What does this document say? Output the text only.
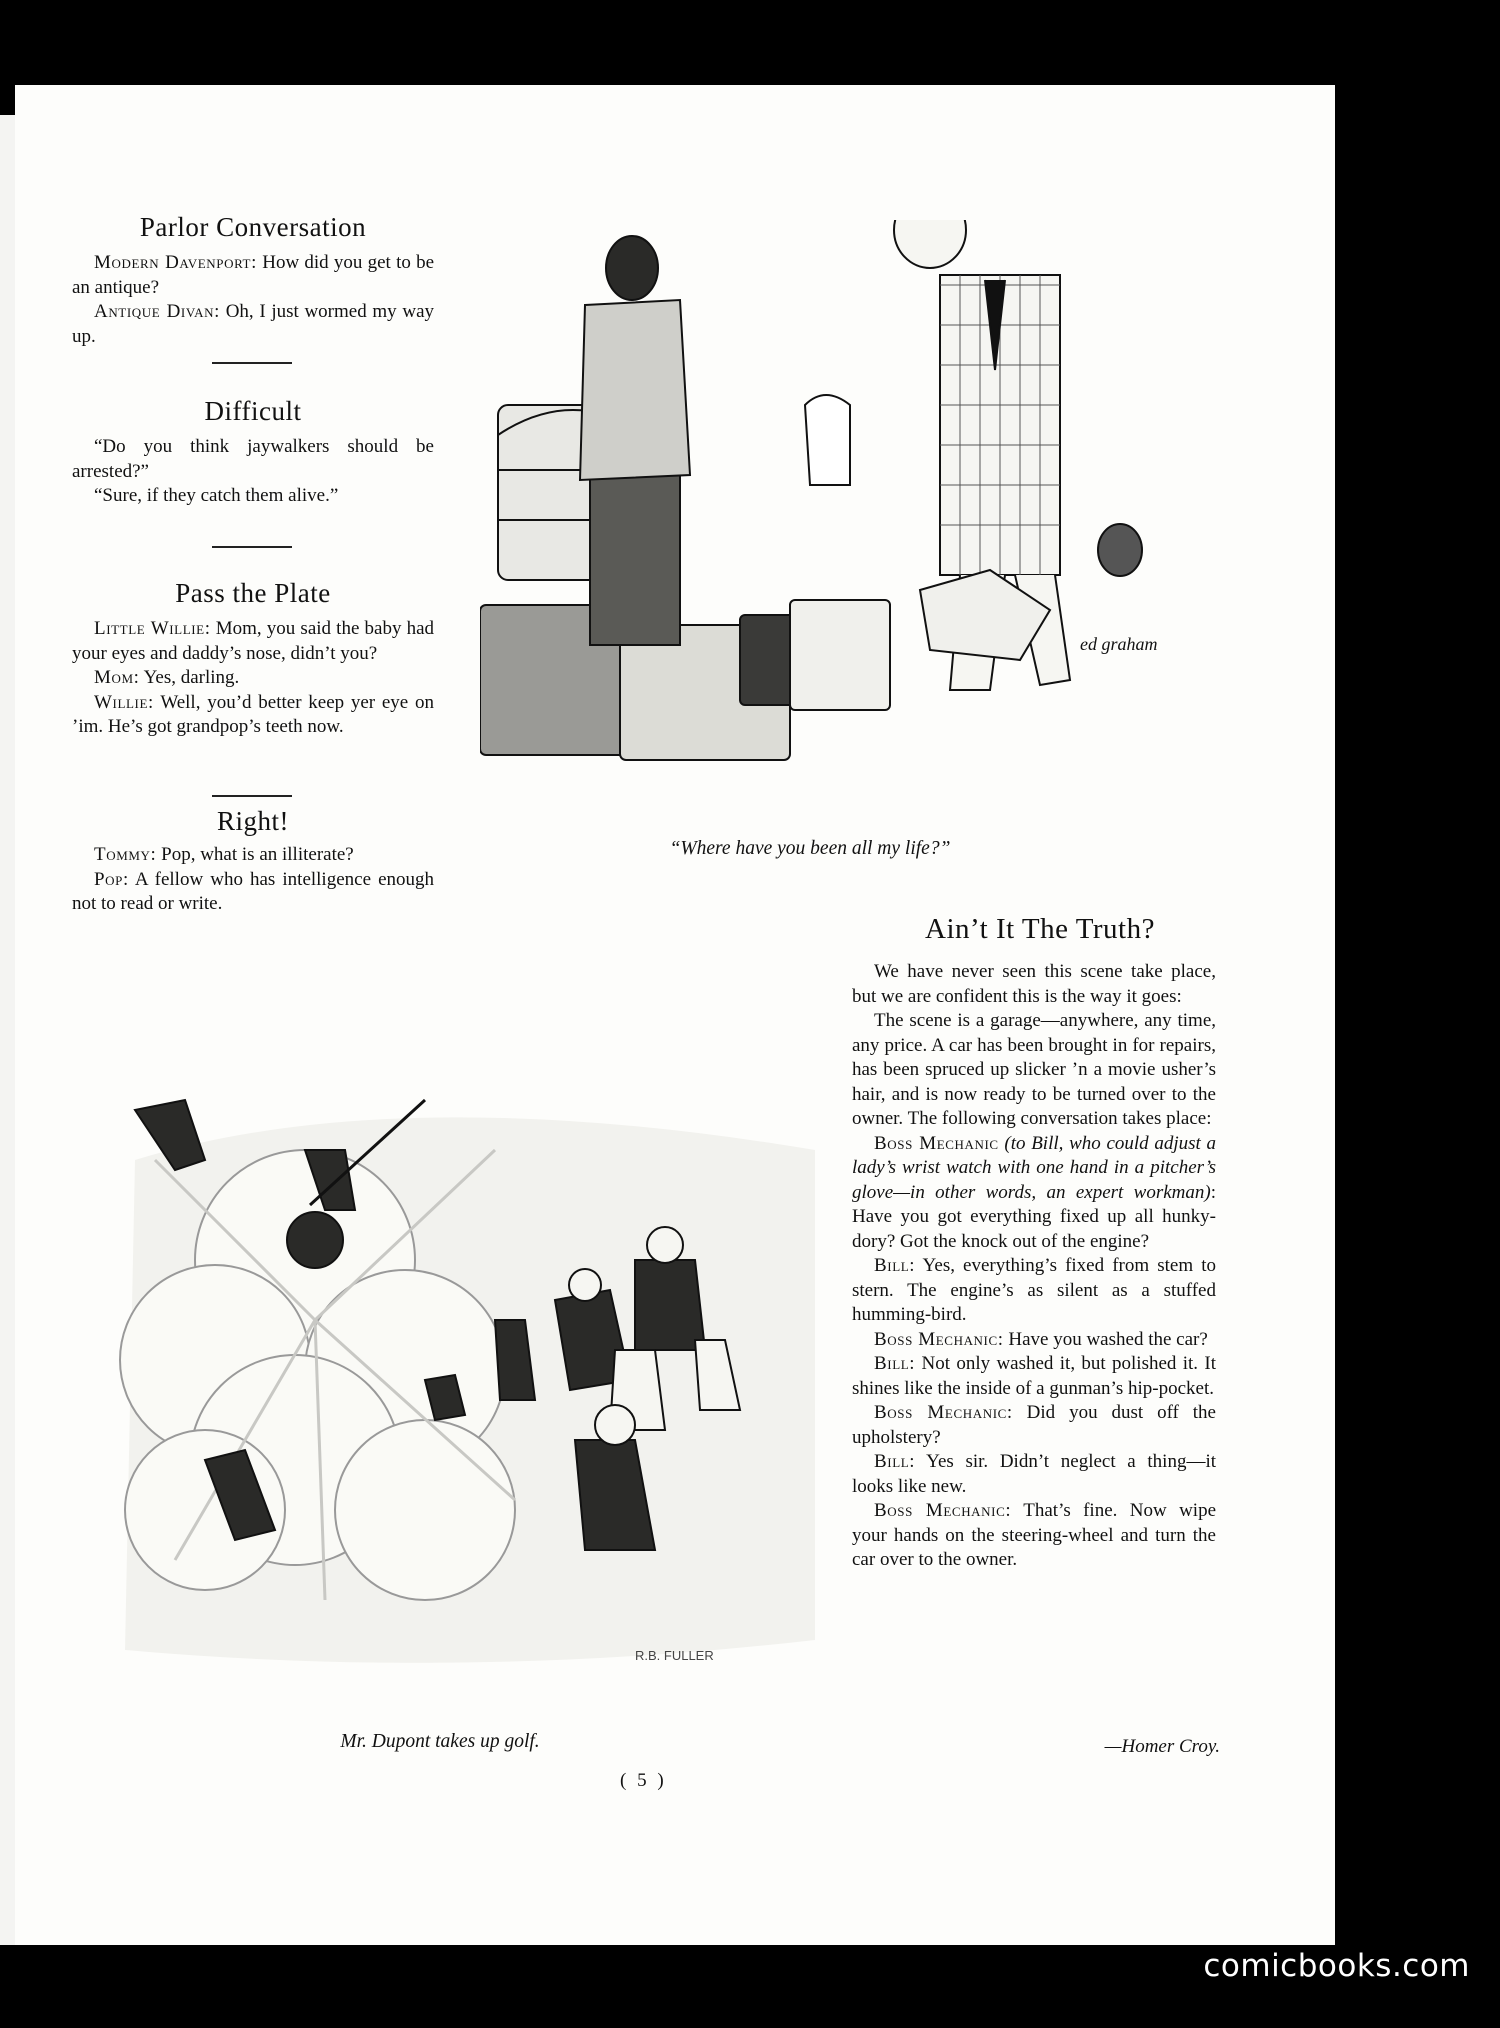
Parlor Conversation

Modern Davenport: How did you get to be an antique?

Antique Divan: Oh, I just wormed my way up.

Difficult

“Do you think jaywalkers should be arrested?”

“Sure, if they catch them alive.”

Pass the Plate

Little Willie: Mom, you said the baby had your eyes and daddy’s nose, didn’t you?

Mom: Yes, darling.

Willie: Well, you’d better keep yer eye on ’im. He’s got grandpop’s teeth now.

Right!

Tommy: Pop, what is an illiterate?

Pop: A fellow who has intelligence enough not to read or write.

ed graham
“Where have you been all my life?”
Ain’t It The Truth?

We have never seen this scene take place, but we are confident this is the way it goes:

The scene is a garage—anywhere, any time, any price. A car has been brought in for repairs, has been spruced up slicker ’n a movie usher’s hair, and is now ready to be turned over to the owner. The following conversation takes place:

Boss Mechanic (to Bill, who could adjust a lady’s wrist watch with one hand in a pitcher’s glove—in other words, an expert workman): Have you got everything fixed up all hunky-dory? Got the knock out of the engine?

Bill: Yes, everything’s fixed from stem to stern. The engine’s as silent as a stuffed humming-bird.

Boss Mechanic: Have you washed the car?

Bill: Not only washed it, but polished it. It shines like the inside of a gunman’s hip-pocket.

Boss Mechanic: Did you dust off the upholstery?

Bill: Yes sir. Didn’t neglect a thing—it looks like new.

Boss Mechanic: That’s fine. Now wipe your hands on the steering-wheel and turn the car over to the owner.

—Homer Croy.
R.B. FULLER
Mr. Dupont takes up golf.
( 5 )
comicbooks.com
